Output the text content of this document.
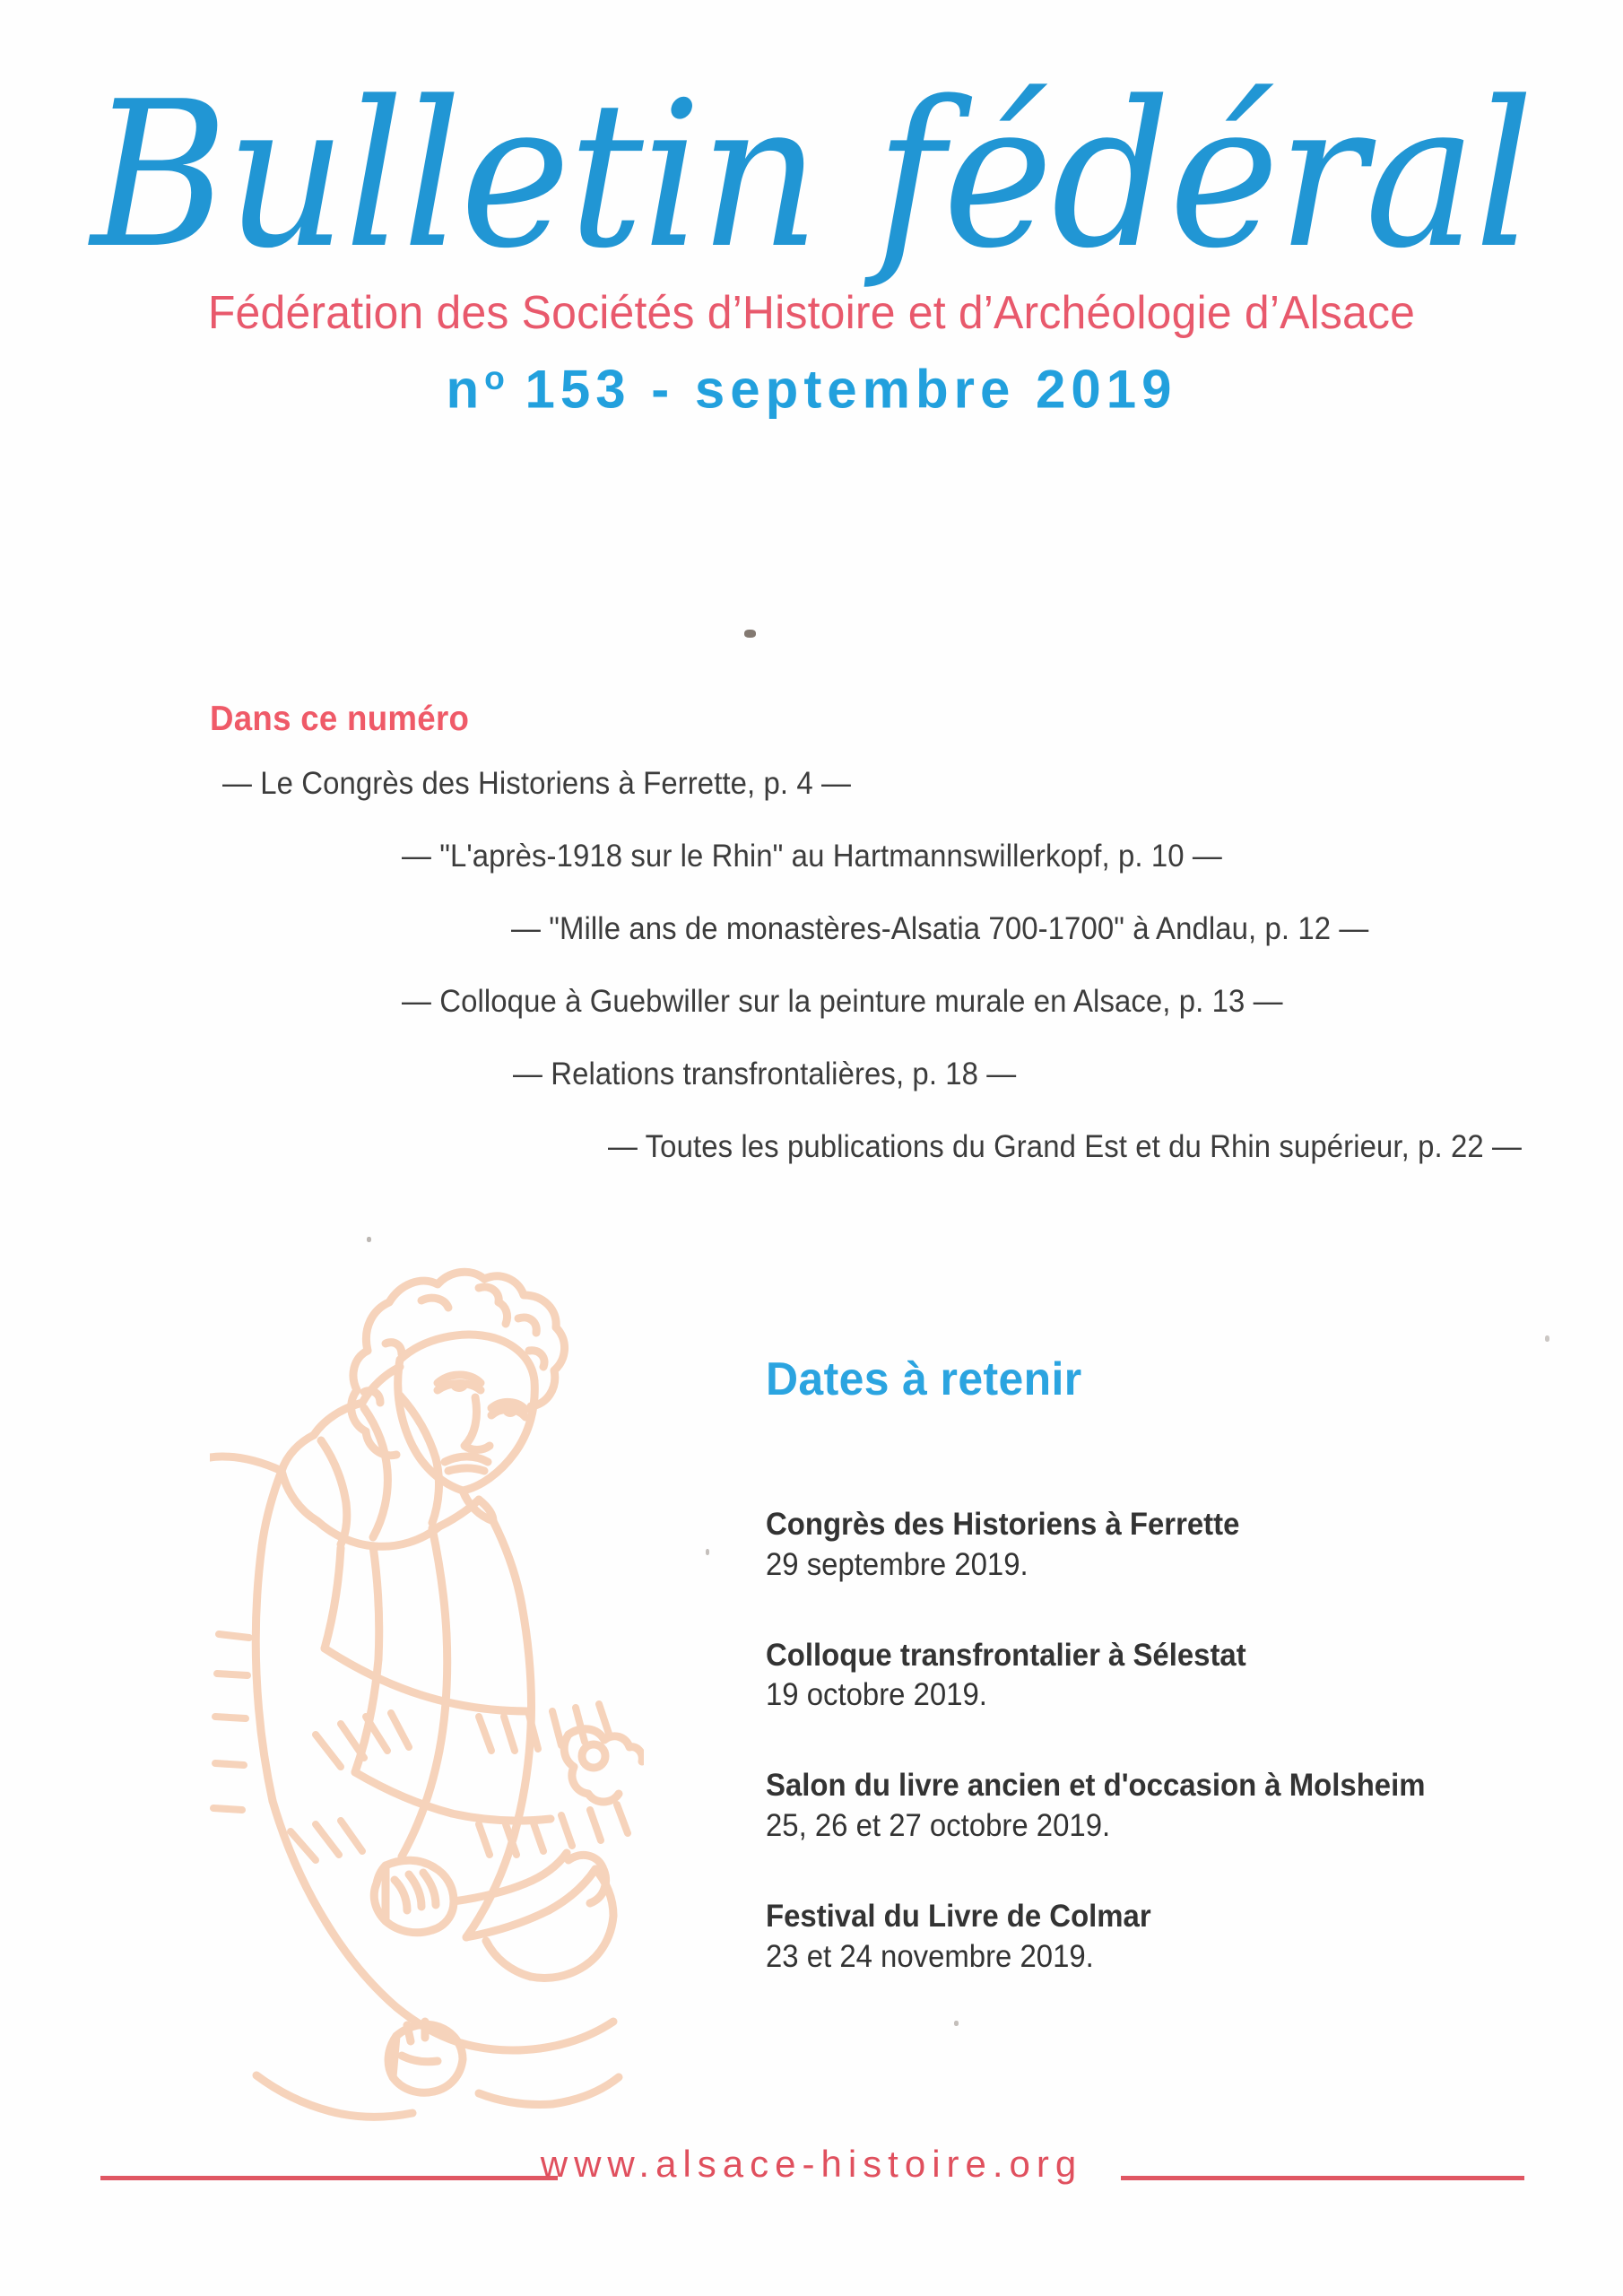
Bulletin fédéral
Fédération des Sociétés d’Histoire et d’Archéologie d’Alsace
$n^o$ 153 - septembre 2019
Dans ce numéro
— Le Congrès des Historiens à Ferrette, p. 4 —
— "L'après-1918 sur le Rhin" au Hartmannswillerkopf, p. 10 —
— "Mille ans de monastères-Alsatia 700-1700" à Andlau, p. 12 —
— Colloque à Guebwiller sur la peinture murale en Alsace, p. 13 —
— Relations transfrontalières, p. 18 —
— Toutes les publications du Grand Est et du Rhin supérieur, p. 22 —
Dates à retenir
Congrès des Historiens à Ferrette
29 septembre 2019.
Colloque transfrontalier à Sélestat
19 octobre 2019.
Salon du livre ancien et d'occasion à Molsheim
25, 26 et 27 octobre 2019.
Festival du Livre de Colmar
23 et 24 novembre 2019.
www.alsace-histoire.org
